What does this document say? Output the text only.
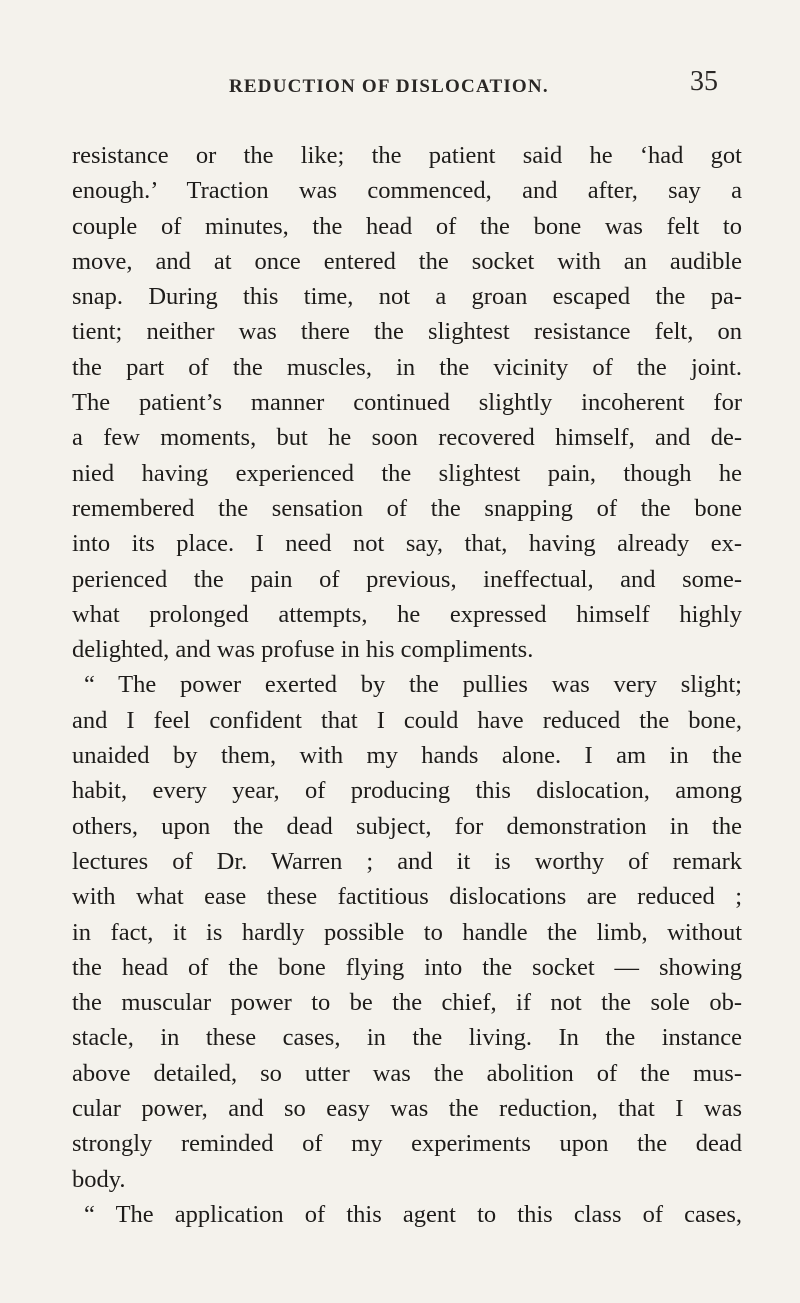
REDUCTION OF DISLOCATION.	35
resistance or the like; the patient said he ‘had got
enough.’ Traction was commenced, and after, say a
couple of minutes, the head of the bone was felt to
move, and at once entered the socket with an audible
snap. During this time, not a groan escaped the pa-
tient; neither was there the slightest resistance felt, on
the part of the muscles, in the vicinity of the joint.
The patient’s manner continued slightly incoherent for
a few moments, but he soon recovered himself, and de-
nied having experienced the slightest pain, though he
remembered the sensation of the snapping of the bone
into its place. I need not say, that, having already ex-
perienced the pain of previous, ineffectual, and some-
what prolonged attempts, he expressed himself highly
delighted, and was profuse in his compliments.
“ The power exerted by the pullies was very slight;
and I feel confident that I could have reduced the bone,
unaided by them, with my hands alone. I am in the
habit, every year, of producing this dislocation, among
others, upon the dead subject, for demonstration in the
lectures of Dr. Warren ; and it is worthy of remark
with what ease these factitious dislocations are reduced ;
in fact, it is hardly possible to handle the limb, without
the head of the bone flying into the socket — showing
the muscular power to be the chief, if not the sole ob-
stacle, in these cases, in the living. In the instance
above detailed, so utter was the abolition of the mus-
cular power, and so easy was the reduction, that I was
strongly reminded of my experiments upon the dead
body.
“ The application of this agent to this class of cases,
